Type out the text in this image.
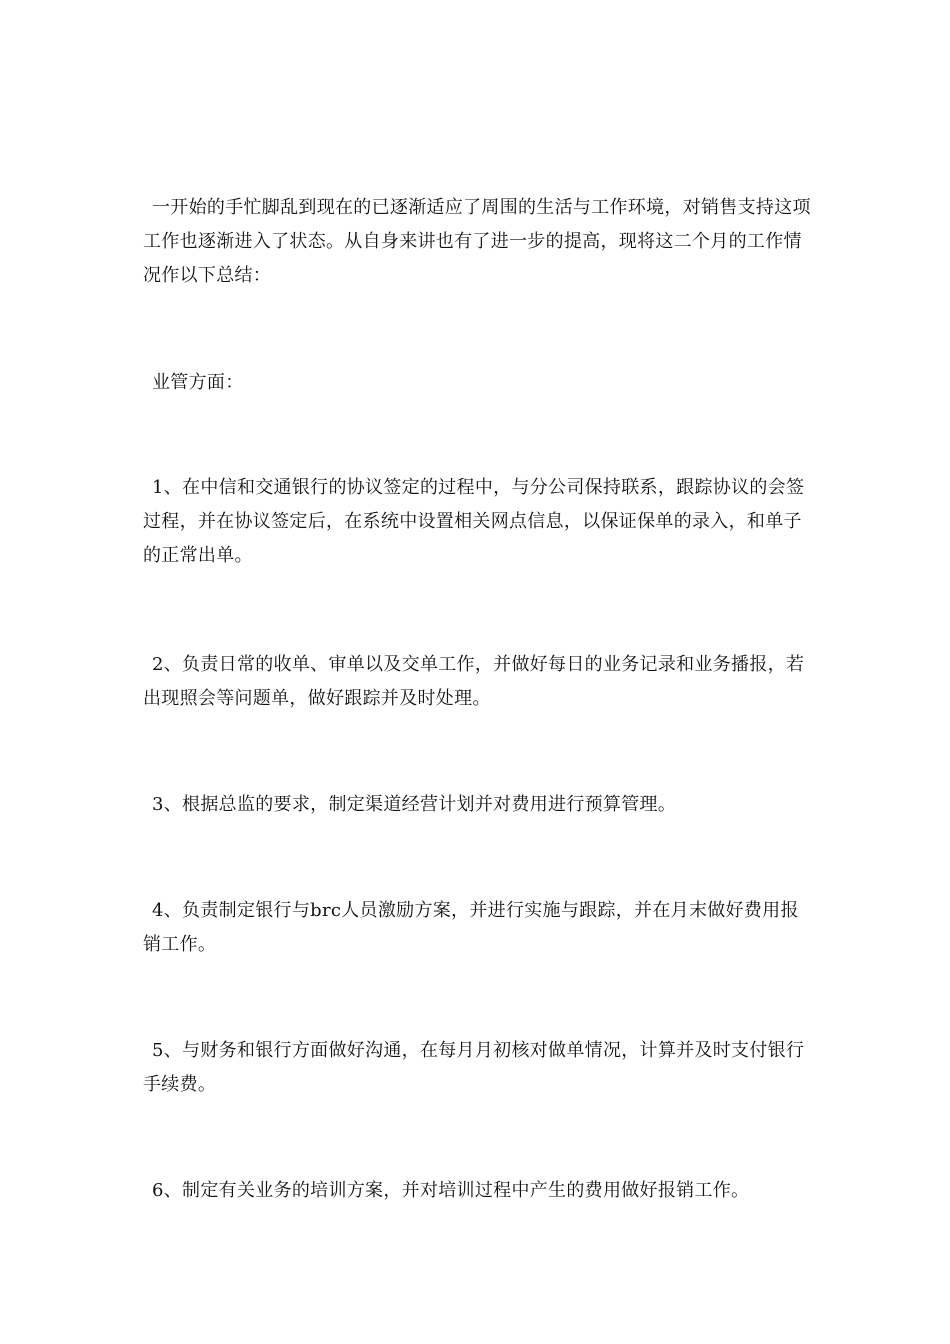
一开始的手忙脚乱到现在的已逐渐适应了周围的生活与工作环境，对销售支持这项工作也逐渐进入了状态。从自身来讲也有了进一步的提高，现将这二个月的工作情况作以下总结：

业管方面：

1、在中信和交通银行的协议签定的过程中，与分公司保持联系，跟踪协议的会签过程，并在协议签定后，在系统中设置相关网点信息，以保证保单的录入，和单子的正常出单。

2、负责日常的收单、审单以及交单工作，并做好每日的业务记录和业务播报，若出现照会等问题单，做好跟踪并及时处理。

3、根据总监的要求，制定渠道经营计划并对费用进行预算管理。

4、负责制定银行与brc人员激励方案，并进行实施与跟踪，并在月末做好费用报销工作。

5、与财务和银行方面做好沟通，在每月月初核对做单情况，计算并及时支付银行手续费。

6、制定有关业务的培训方案，并对培训过程中产生的费用做好报销工作。
